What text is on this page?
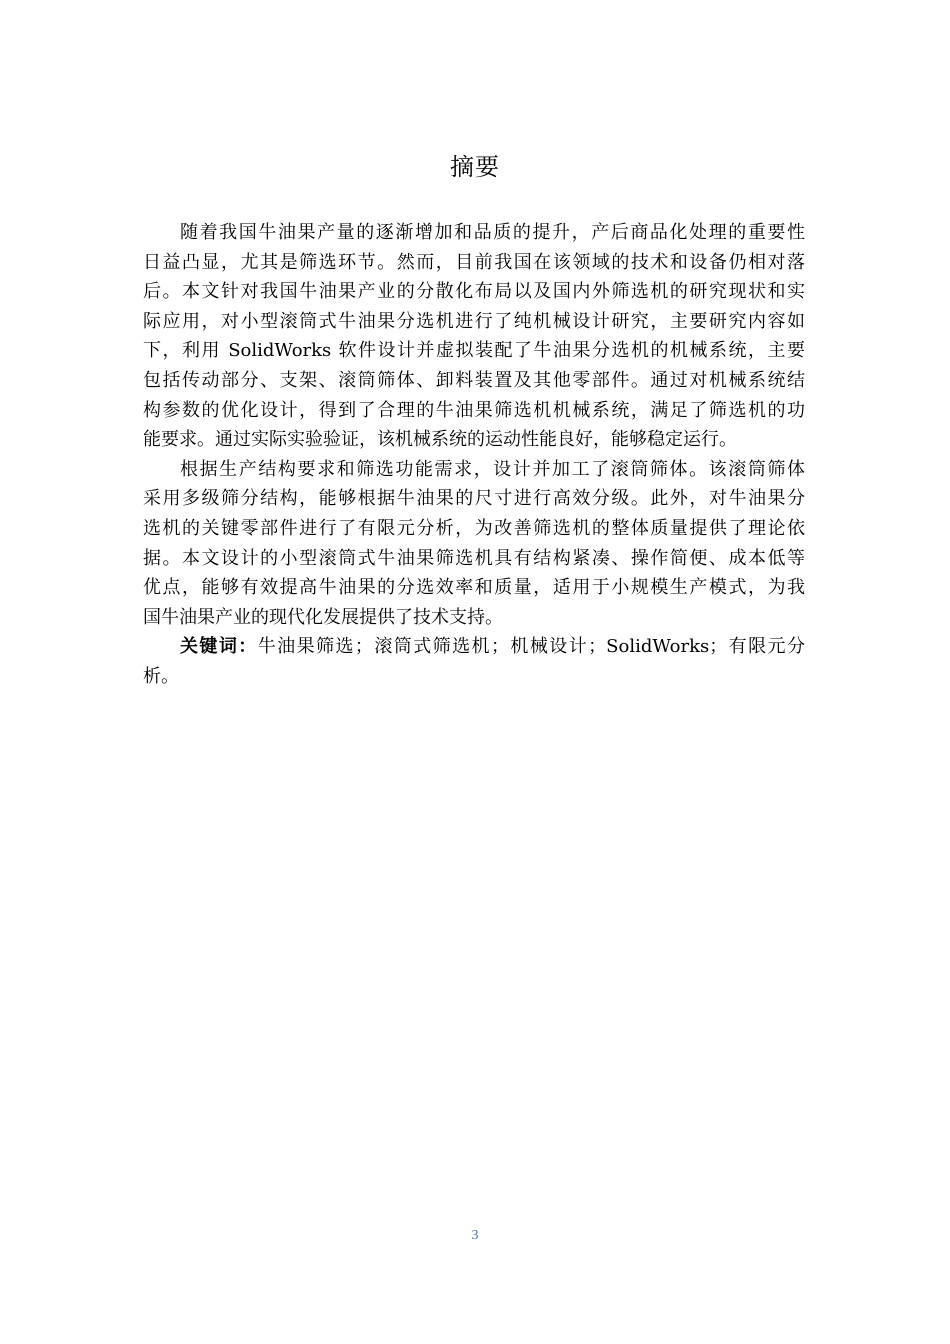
摘要
随着我国牛油果产量的逐渐增加和品质的提升，产后商品化处理的重要性
日益凸显，尤其是筛选环节。然而，目前我国在该领域的技术和设备仍相对落
后。本文针对我国牛油果产业的分散化布局以及国内外筛选机的研究现状和实
际应用，对小型滚筒式牛油果分选机进行了纯机械设计研究，主要研究内容如
下，利用 SolidWorks 软件设计并虚拟装配了牛油果分选机的机械系统，主要
包括传动部分、支架、滚筒筛体、卸料装置及其他零部件。通过对机械系统结
构参数的优化设计，得到了合理的牛油果筛选机机械系统，满足了筛选机的功
能要求。通过实际实验验证，该机械系统的运动性能良好，能够稳定运行。
根据生产结构要求和筛选功能需求，设计并加工了滚筒筛体。该滚筒筛体
采用多级筛分结构，能够根据牛油果的尺寸进行高效分级。此外，对牛油果分
选机的关键零部件进行了有限元分析，为改善筛选机的整体质量提供了理论依
据。本文设计的小型滚筒式牛油果筛选机具有结构紧凑、操作简便、成本低等
优点，能够有效提高牛油果的分选效率和质量，适用于小规模生产模式，为我
国牛油果产业的现代化发展提供了技术支持。
关键词：牛油果筛选；滚筒式筛选机；机械设计；SolidWorks；有限元分
析。
3
